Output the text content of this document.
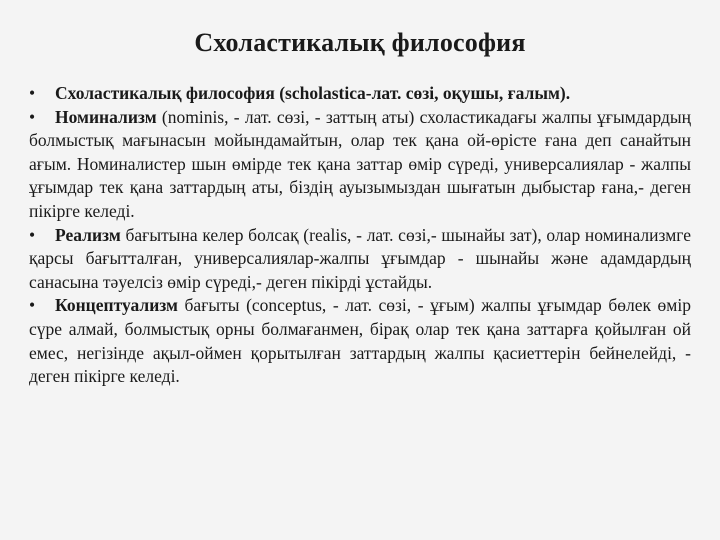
Схоластикалық философия

• Схоластикалық философия (scholastica-лат. сөзі, оқушы, ғалым).

• Номинализм (nominis, - лат. сөзі, - заттың аты) схоластикадағы жалпы ұғымдардың болмыстық мағынасын мойындамайтын, олар тек қана ой-өрісте ғана деп санайтын ағым. Номиналистер шын өмірде тек қана заттар өмір сүреді, универсалиялар - жалпы ұғымдар тек қана заттардың аты, біздің ауызымыздан шығатын дыбыстар ғана,- деген пікірге келеді.

• Реализм бағытына келер болсақ (realis, - лат. сөзі,- шынайы зат), олар номинализмге қарсы бағытталған, универсалиялар-жалпы ұғымдар - шынайы және адамдардың санасына тәуелсіз өмір сүреді,- деген пікірді ұстайды.

• Концептуализм бағыты (conceptus, - лат. сөзі, - ұғым) жалпы ұғымдар бөлек өмір сүре алмай, болмыстық орны болмағанмен, бірақ олар тек қана заттарға қойылған ой емес, негізінде ақыл-оймен қорытылған заттардың жалпы қасиеттерін бейнелейді, - деген пікірге келеді.
